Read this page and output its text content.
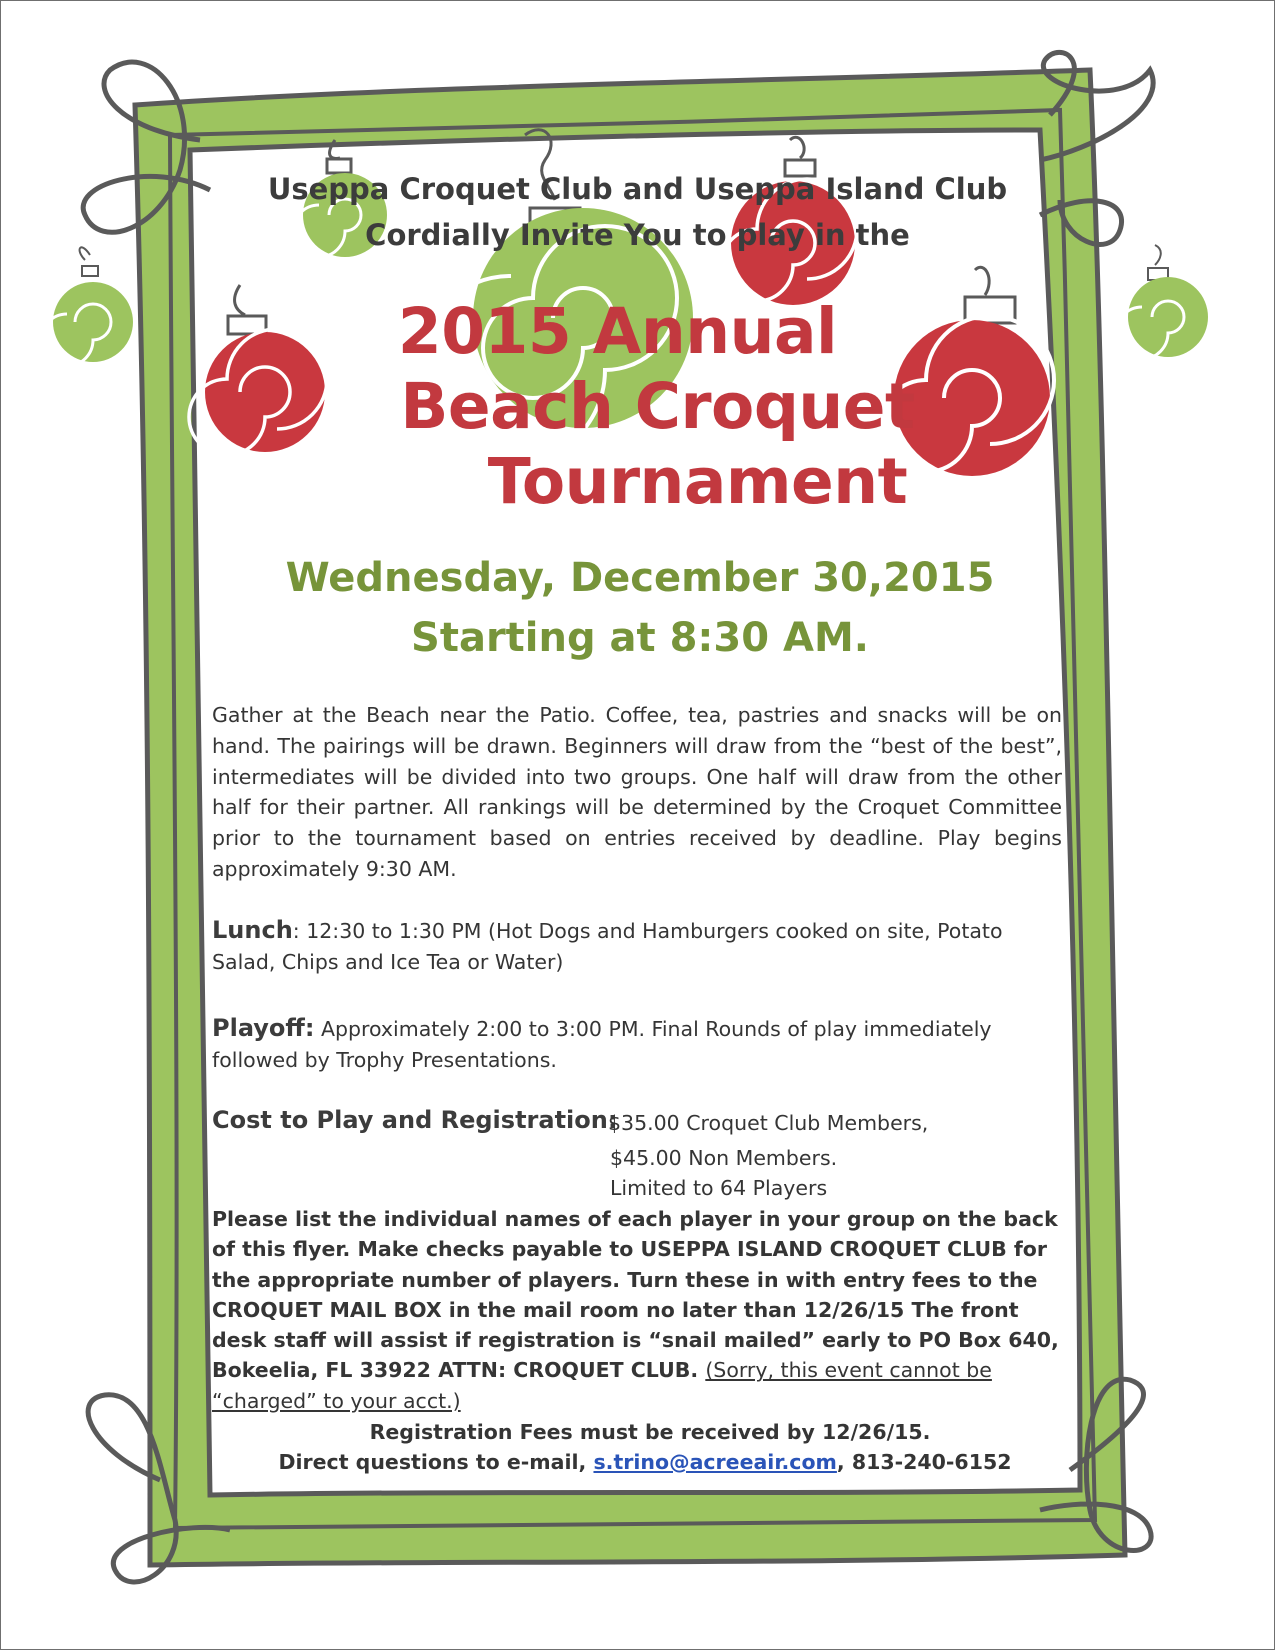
Useppa Croquet Club and Useppa Island Club
Cordially Invite You to play in the
2015 Annual
Beach Croquet
Tournament
Wednesday, December 30,2015
Starting at 8:30 AM.
Gather at the Beach near the Patio. Coffee, tea, pastries and snacks will be on hand. The pairings will be drawn. Beginners will draw from the “best of the best”, intermediates will be divided into two groups. One half will draw from the other half for their partner. All rankings will be determined by the Croquet Committee prior to the tournament based on entries received by deadline. Play begins approximately 9:30 AM.
Lunch: 12:30 to 1:30 PM (Hot Dogs and Hamburgers cooked on site, Potato Salad, Chips and Ice Tea or Water)
Playoff: Approximately 2:00 to 3:00 PM. Final Rounds of play immediately followed by Trophy Presentations.
Cost to Play and Registration:
$35.00 Croquet Club Members,
$45.00 Non Members.
Limited to 64 Players
Please list the individual names of each player in your group on the back of this flyer. Make checks payable to USEPPA ISLAND CROQUET CLUB for the appropriate number of players. Turn these in with entry fees to the CROQUET MAIL BOX in the mail room no later than 12/26/15 The front desk staff will assist if registration is “snail mailed” early to PO Box 640, Bokeelia, FL 33922 ATTN: CROQUET CLUB. (Sorry, this event cannot be “charged” to your acct.)
Registration Fees must be received by 12/26/15.
Direct questions to e-mail, s.trino@acreeair.com, 813-240-6152
